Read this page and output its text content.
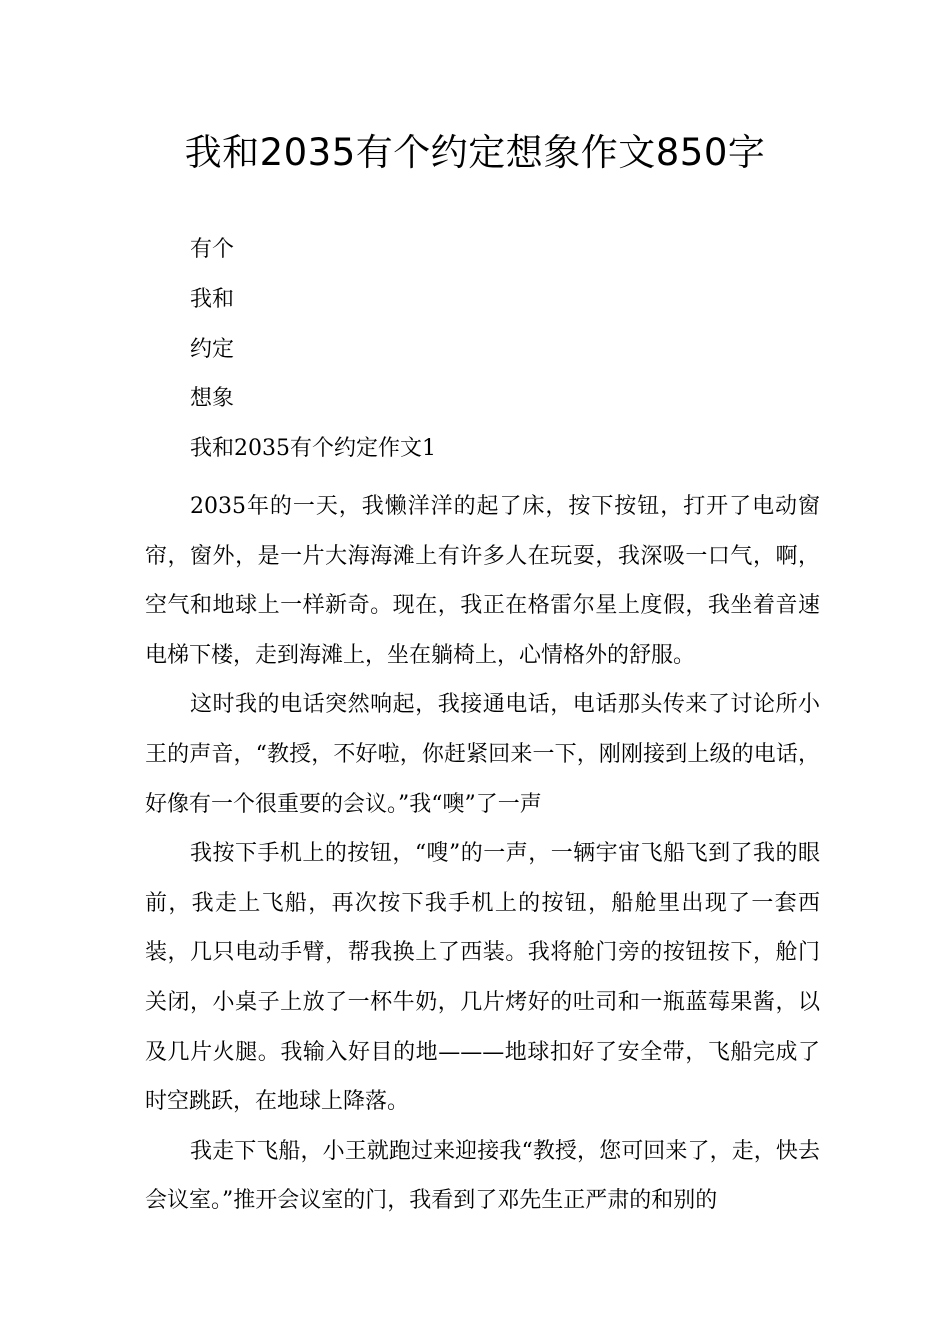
我和2035有个约定想象作文850字

有个

我和

约定

想象

我和2035有个约定作文1

2035年的一天，我懒洋洋的起了床，按下按钮，打开了电动窗帘，窗外，是一片大海海滩上有许多人在玩耍，我深吸一口气，啊，空气和地球上一样新奇。现在，我正在格雷尔星上度假，我坐着音速电梯下楼，走到海滩上，坐在躺椅上，心情格外的舒服。

这时我的电话突然响起，我接通电话，电话那头传来了讨论所小王的声音，“教授，不好啦，你赶紧回来一下，刚刚接到上级的电话，好像有一个很重要的会议。”我“噢”了一声

我按下手机上的按钮，“嗖”的一声，一辆宇宙飞船飞到了我的眼前，我走上飞船，再次按下我手机上的按钮，船舱里出现了一套西装，几只电动手臂，帮我换上了西装。我将舱门旁的按钮按下，舱门关闭，小桌子上放了一杯牛奶，几片烤好的吐司和一瓶蓝莓果酱，以及几片火腿。我输入好目的地———地球扣好了安全带，飞船完成了时空跳跃，在地球上降落。

我走下飞船，小王就跑过来迎接我“教授，您可回来了，走，快去会议室。”推开会议室的门，我看到了邓先生正严肃的和别的
